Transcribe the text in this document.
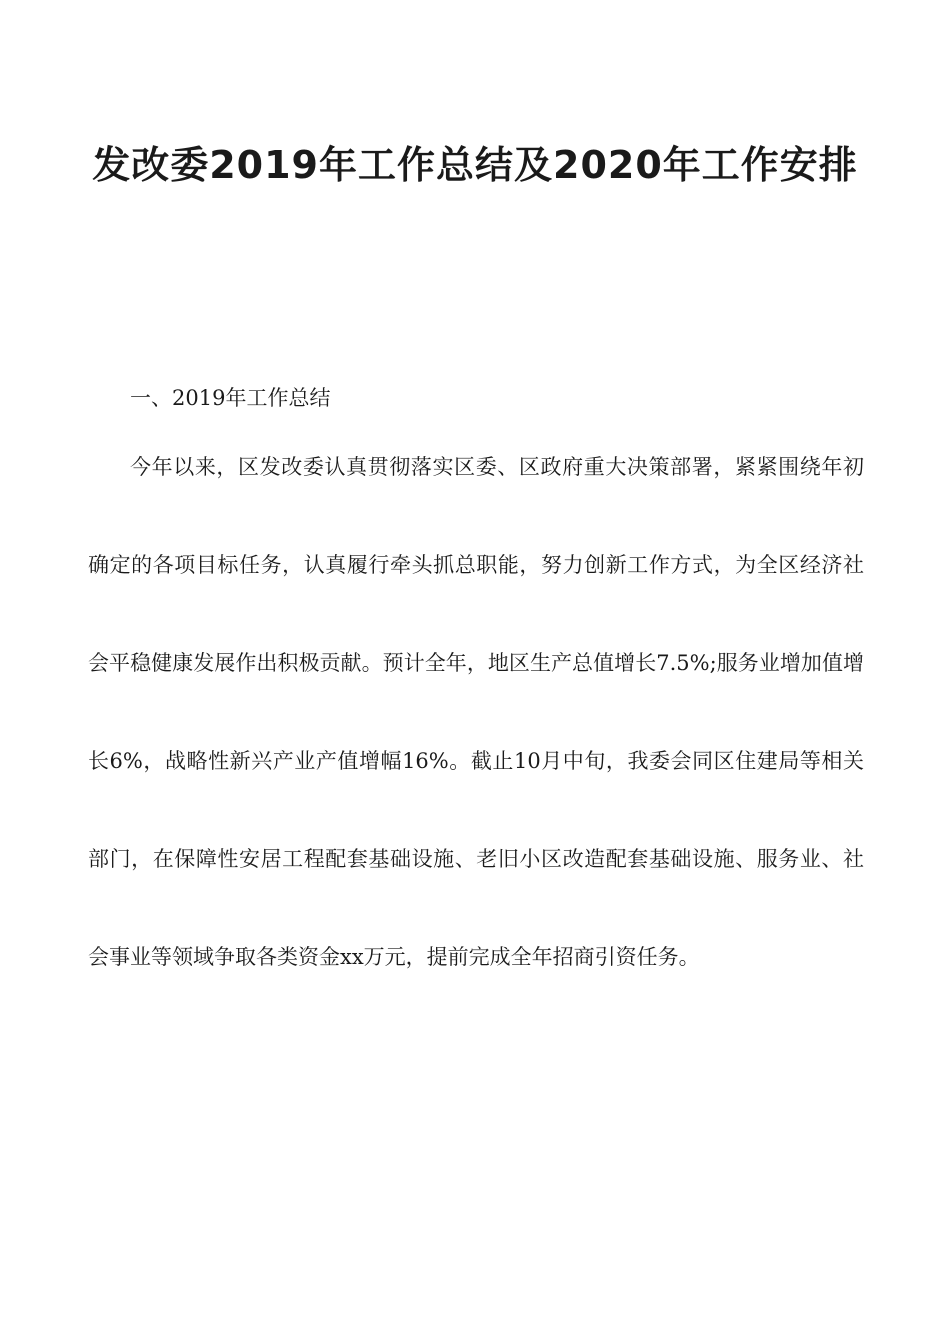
发改委2019年工作总结及2020年工作安排
一、2019年工作总结

今年以来，区发改委认真贯彻落实区委、区政府重大决策部署，紧紧围绕年初确定的各项目标任务，认真履行牵头抓总职能，努力创新工作方式，为全区经济社会平稳健康发展作出积极贡献。预计全年，地区生产总值增长7.5%;服务业增加值增长6%，战略性新兴产业产值增幅16%。截止10月中旬，我委会同区住建局等相关部门，在保障性安居工程配套基础设施、老旧小区改造配套基础设施、服务业、社会事业等领域争取各类资金xx万元，提前完成全年招商引资任务。
